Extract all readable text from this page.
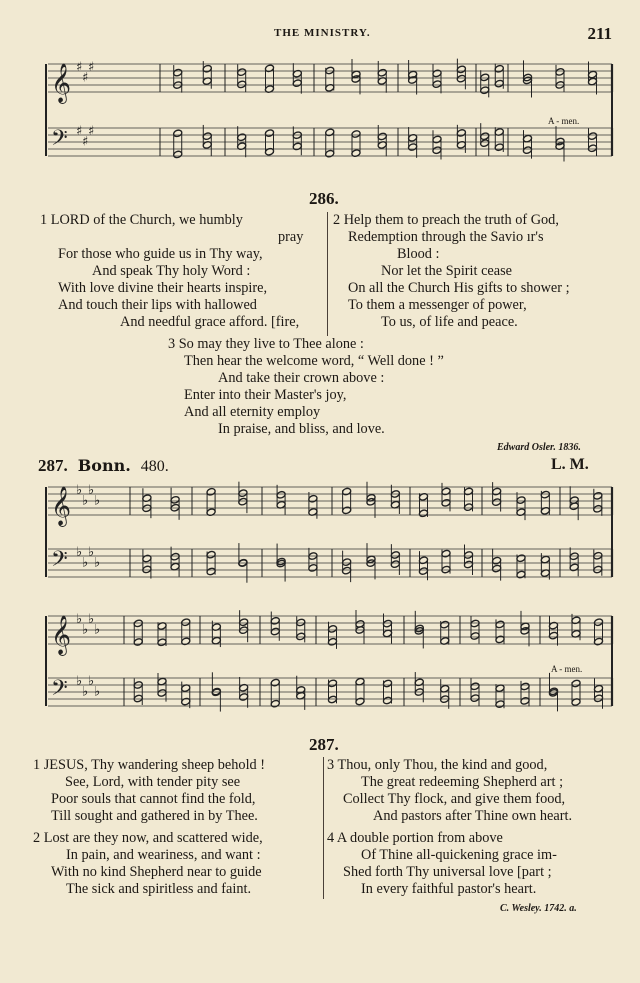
THE MINISTRY.	211
𝄞 ♯
♯
♯
𝄢 ♯
♯
♯
A - men.
286.
1 LORD of the Church, we humbly
pray
For those who guide us in Thy way,
And speak Thy holy Word :
With love divine their hearts inspire,
And touch their lips with hallowed
And needful grace afford. [fire,
2 Help them to preach the truth of God,
Redemption through the Savio ır's
Blood :
Nor let the Spirit cease
On all the Church His gifts to shower ;
To them a messenger of power,
To us, of life and peace.
3 So may they live to Thee alone :
Then hear the welcome word, “ Well done ! ”
And take their crown above :
Enter into their Master's joy,
And all eternity employ
In praise, and bliss, and love.
Edward Osler. 1836.
287. Bonn. 480.	L. M.
𝄞 ♭
♭
♭
♭
𝄢 ♭
♭
♭
♭
𝄞 ♭
♭
♭
♭
𝄢 ♭
♭
♭
♭
A - men.
287.
1 JESUS, Thy wandering sheep behold !
See, Lord, with tender pity see
Poor souls that cannot find the fold,
Till sought and gathered in by Thee.
2 Lost are they now, and scattered wide,
In pain, and weariness, and want :
With no kind Shepherd near to guide
The sick and spiritless and faint.
3 Thou, only Thou, the kind and good,
The great redeeming Shepherd art ;
Collect Thy flock, and give them food,
And pastors after Thine own heart.
4 A double portion from above
Of Thine all-quickening grace im-
Shed forth Thy universal love [part ;
In every faithful pastor's heart.
C. Wesley. 1742. a.
